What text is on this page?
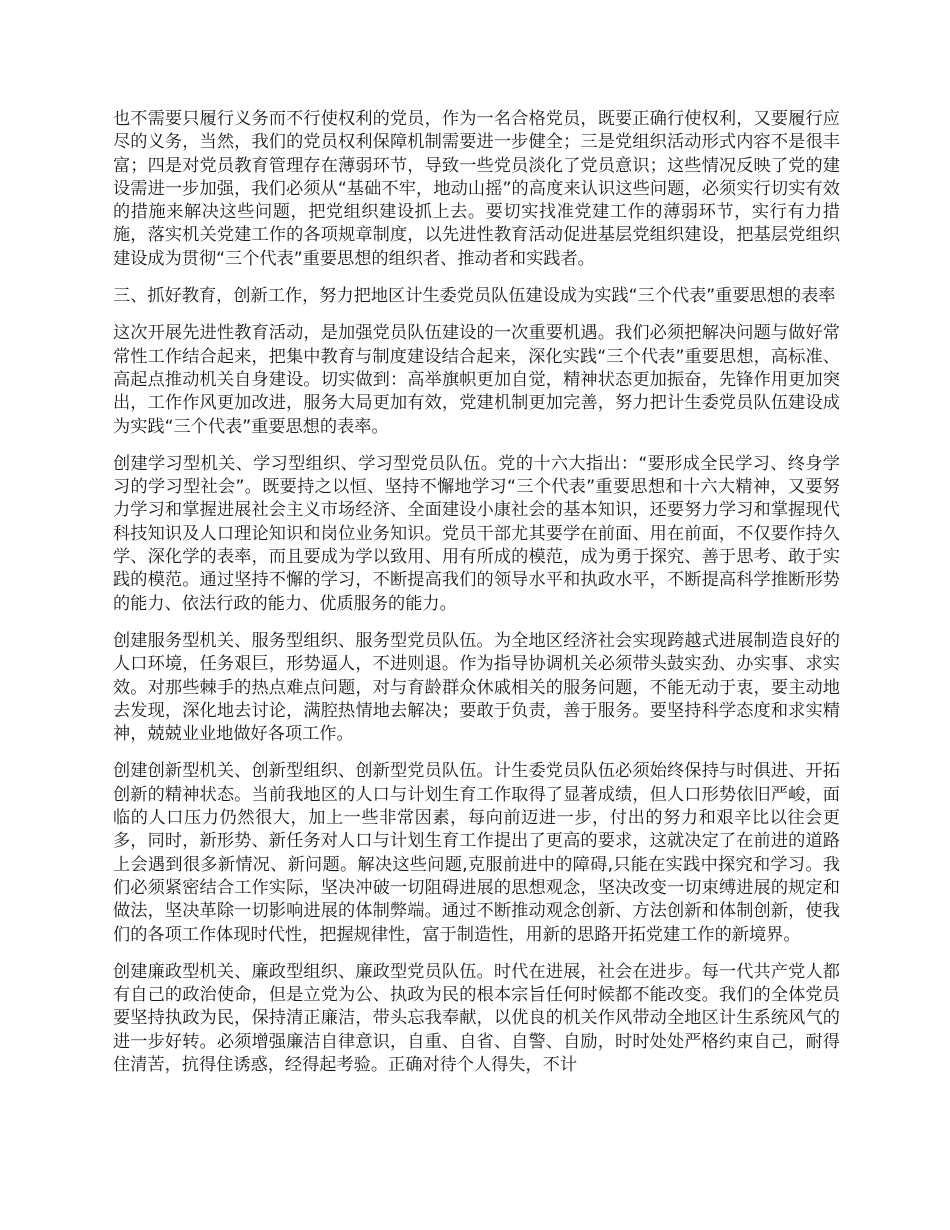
也不需要只履行义务而不行使权利的党员，作为一名合格党员，既要正确行使权利，又要履行应尽的义务，当然，我们的党员权利保障机制需要进一步健全；三是党组织活动形式内容不是很丰富；四是对党员教育管理存在薄弱环节，导致一些党员淡化了党员意识；这些情况反映了党的建设需进一步加强，我们必须从“基础不牢，地动山摇”的高度来认识这些问题，必须实行切实有效的措施来解决这些问题，把党组织建设抓上去。要切实找准党建工作的薄弱环节，实行有力措施，落实机关党建工作的各项规章制度，以先进性教育活动促进基层党组织建设，把基层党组织建设成为贯彻“三个代表”重要思想的组织者、推动者和实践者。

三、抓好教育，创新工作，努力把地区计生委党员队伍建设成为实践“三个代表”重要思想的表率

这次开展先进性教育活动，是加强党员队伍建设的一次重要机遇。我们必须把解决问题与做好常常性工作结合起来，把集中教育与制度建设结合起来，深化实践“三个代表”重要思想，高标准、高起点推动机关自身建设。切实做到：高举旗帜更加自觉，精神状态更加振奋，先锋作用更加突出，工作作风更加改进，服务大局更加有效，党建机制更加完善，努力把计生委党员队伍建设成为实践“三个代表”重要思想的表率。

创建学习型机关、学习型组织、学习型党员队伍。党的十六大指出：“要形成全民学习、终身学习的学习型社会”。既要持之以恒、坚持不懈地学习“三个代表”重要思想和十六大精神，又要努力学习和掌握进展社会主义市场经济、全面建设小康社会的基本知识，还要努力学习和掌握现代科技知识及人口理论知识和岗位业务知识。党员干部尤其要学在前面、用在前面，不仅要作持久学、深化学的表率，而且要成为学以致用、用有所成的模范，成为勇于探究、善于思考、敢于实践的模范。通过坚持不懈的学习，不断提高我们的领导水平和执政水平，不断提高科学推断形势的能力、依法行政的能力、优质服务的能力。

创建服务型机关、服务型组织、服务型党员队伍。为全地区经济社会实现跨越式进展制造良好的人口环境，任务艰巨，形势逼人，不进则退。作为指导协调机关必须带头鼓实劲、办实事、求实效。对那些棘手的热点难点问题，对与育龄群众休戚相关的服务问题，不能无动于衷，要主动地去发现，深化地去讨论，满腔热情地去解决；要敢于负责，善于服务。要坚持科学态度和求实精神，兢兢业业地做好各项工作。

创建创新型机关、创新型组织、创新型党员队伍。计生委党员队伍必须始终保持与时俱进、开拓创新的精神状态。当前我地区的人口与计划生育工作取得了显著成绩，但人口形势依旧严峻，面临的人口压力仍然很大，加上一些非常因素，每向前迈进一步，付出的努力和艰辛比以往会更多，同时，新形势、新任务对人口与计划生育工作提出了更高的要求，这就决定了在前进的道路上会遇到很多新情况、新问题。解决这些问题,克服前进中的障碍,只能在实践中探究和学习。我们必须紧密结合工作实际，坚决冲破一切阻碍进展的思想观念，坚决改变一切束缚进展的规定和做法，坚决革除一切影响进展的体制弊端。通过不断推动观念创新、方法创新和体制创新，使我们的各项工作体现时代性，把握规律性，富于制造性，用新的思路开拓党建工作的新境界。

创建廉政型机关、廉政型组织、廉政型党员队伍。时代在进展，社会在进步。每一代共产党人都有自己的政治使命，但是立党为公、执政为民的根本宗旨任何时候都不能改变。我们的全体党员要坚持执政为民，保持清正廉洁，带头忘我奉献，以优良的机关作风带动全地区计生系统风气的进一步好转。必须增强廉洁自律意识，自重、自省、自警、自励，时时处处严格约束自己，耐得住清苦，抗得住诱惑，经得起考验。正确对待个人得失，不计
